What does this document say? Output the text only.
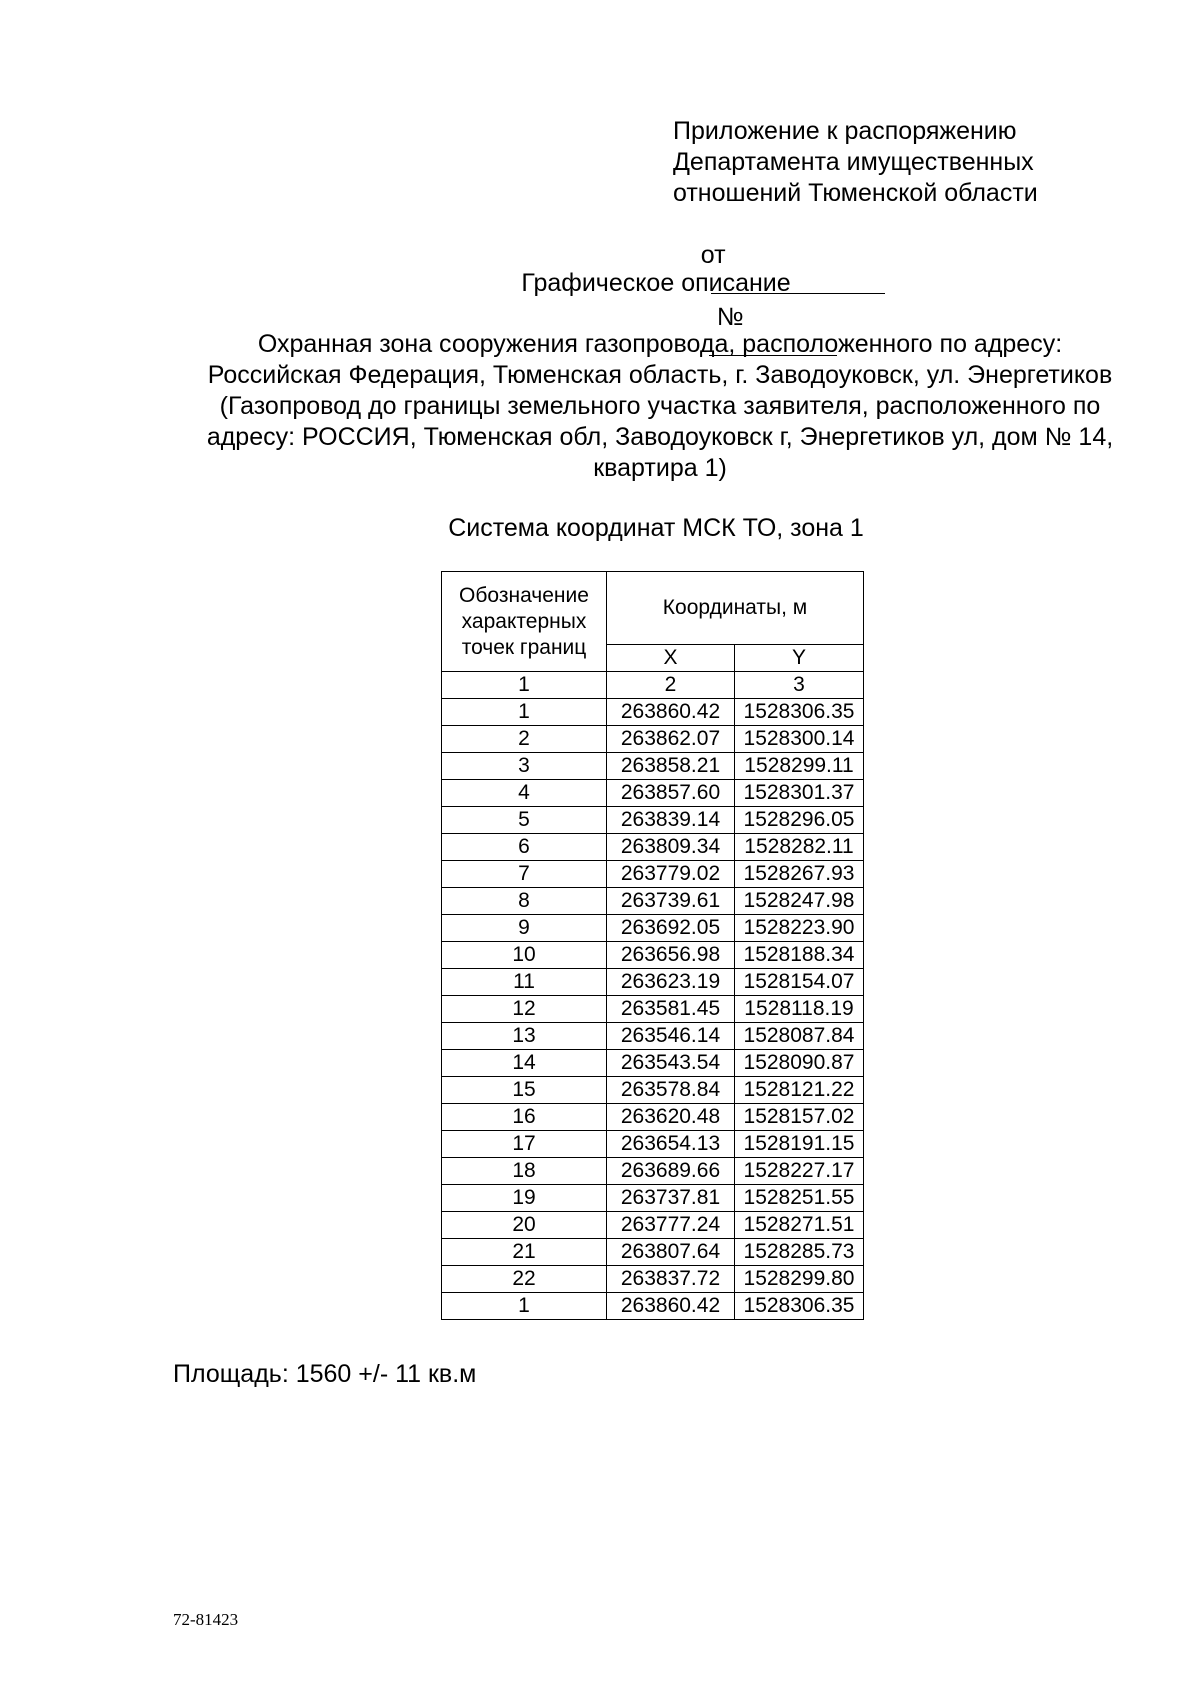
Приложение к распоряжению
Департамента имущественных
отношений Тюменской области

от

№

Графическое описание
Охранная зона сооружения газопровода, расположенного по адресу:
Российская Федерация, Тюменская область, г. Заводоуковск, ул. Энергетиков
(Газопровод до границы земельного участка заявителя, расположенного по
адресу: РОССИЯ, Тюменская обл, Заводоуковск г, Энергетиков ул, дом № 14,
квартира 1)
Система координат МСК ТО, зона 1
Обозначение
характерных
точек границ	Координаты, м	
	X	Y
1	2	3
1	263860.42	1528306.35
2	263862.07	1528300.14
3	263858.21	1528299.11
4	263857.60	1528301.37
5	263839.14	1528296.05
6	263809.34	1528282.11
7	263779.02	1528267.93
8	263739.61	1528247.98
9	263692.05	1528223.90
10	263656.98	1528188.34
11	263623.19	1528154.07
12	263581.45	1528118.19
13	263546.14	1528087.84
14	263543.54	1528090.87
15	263578.84	1528121.22
16	263620.48	1528157.02
17	263654.13	1528191.15
18	263689.66	1528227.17
19	263737.81	1528251.55
20	263777.24	1528271.51
21	263807.64	1528285.73
22	263837.72	1528299.80
1	263860.42	1528306.35
Площадь: 1560 +/- 11 кв.м
72-81423
